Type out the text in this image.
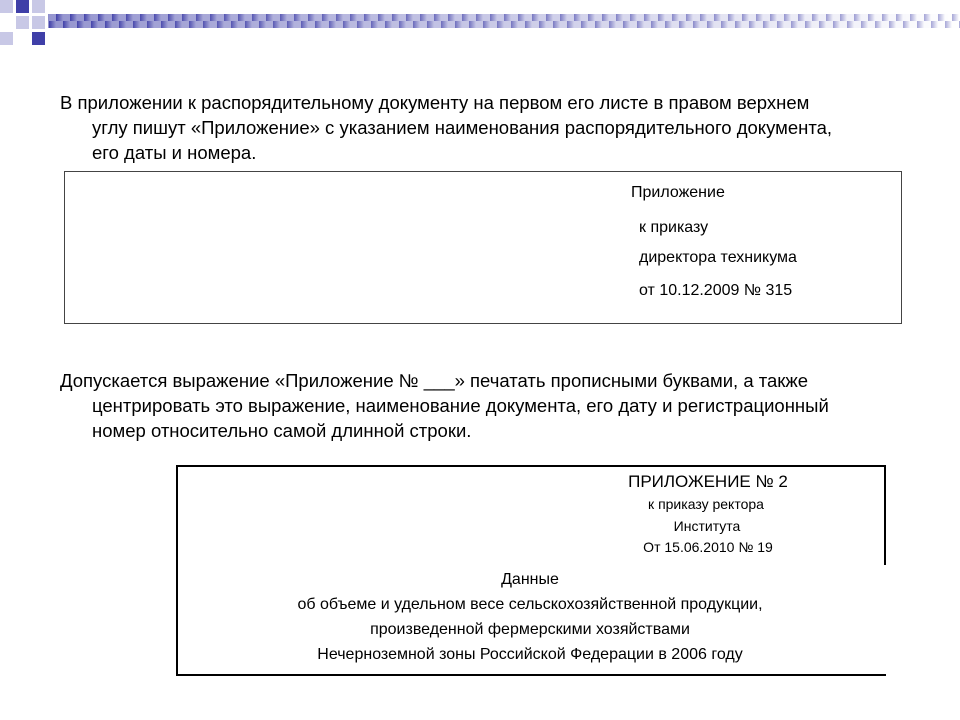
В приложении к распорядительному документу на первом его листе в правом верхнем
углу пишут «Приложение» с указанием наименования распорядительного документа,
его даты и номера.

Приложение
к приказу
директора техникума
от 10.12.2009 № 315

Допускается выражение «Приложение № ___» печатать прописными буквами, а также
центрировать это выражение, наименование документа, его дату и регистрационный
номер относительно самой длинной строки.

ПРИЛОЖЕНИЕ № 2
к приказу ректора
Института
От 15.06.2010 № 19
Данные
об объеме и удельном весе сельскохозяйственной продукции,
произведенной фермерскими хозяйствами
Нечерноземной зоны Российской Федерации в 2006 году
